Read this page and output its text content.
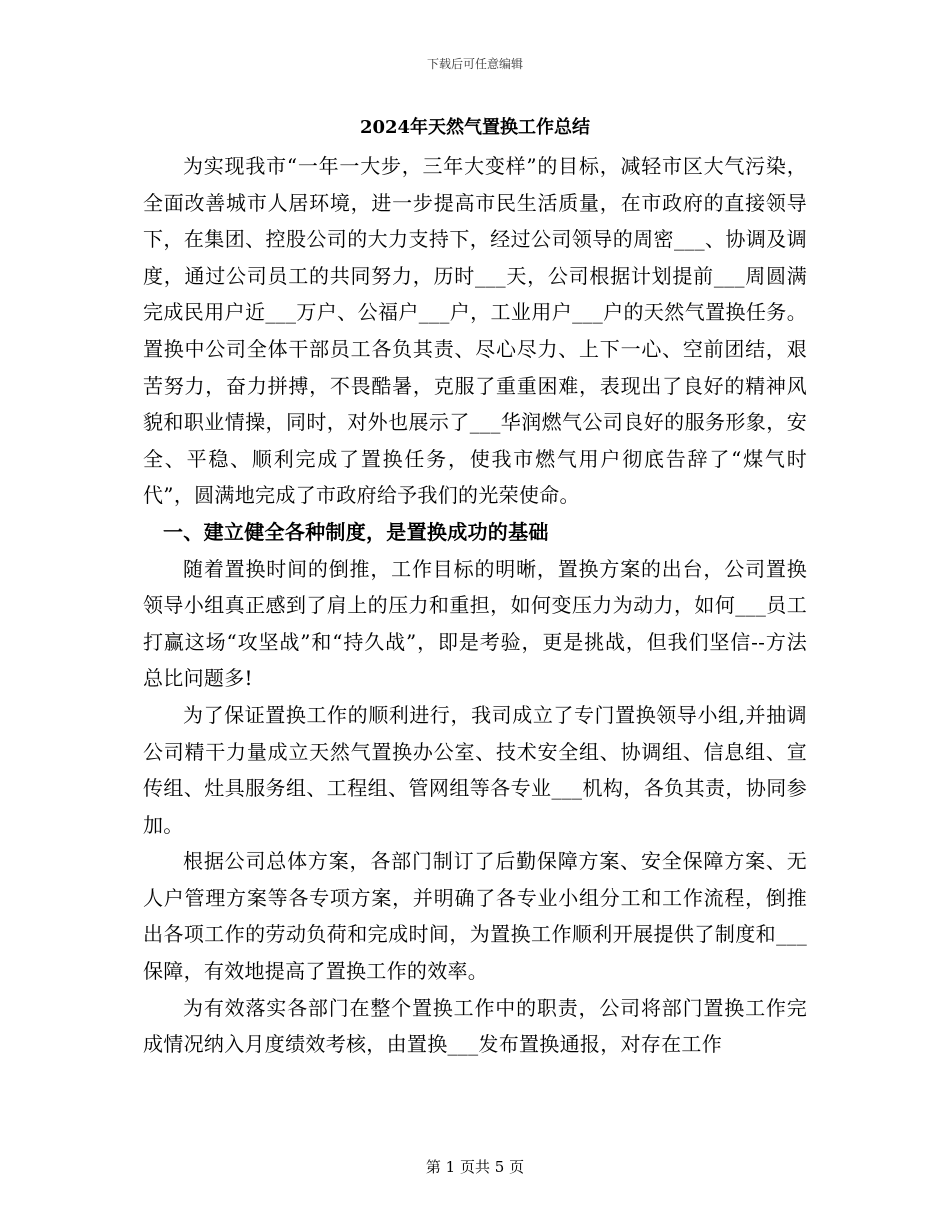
下载后可任意编辑
2024年天然气置换工作总结

为实现我市“一年一大步，三年大变样”的目标，减轻市区大气污染，全面改善城市人居环境，进一步提高市民生活质量，在市政府的直接领导下，在集团、控股公司的大力支持下，经过公司领导的周密___、协调及调度，通过公司员工的共同努力，历时___天，公司根据计划提前___周圆满完成民用户近___万户、公福户___户，工业用户___户的天然气置换任务。置换中公司全体干部员工各负其责、尽心尽力、上下一心、空前团结，艰苦努力，奋力拼搏，不畏酷暑，克服了重重困难，表现出了良好的精神风貌和职业情操，同时，对外也展示了___华润燃气公司良好的服务形象，安全、平稳、顺利完成了置换任务，使我市燃气用户彻底告辞了“煤气时代”，圆满地完成了市政府给予我们的光荣使命。

一、建立健全各种制度，是置换成功的基础

随着置换时间的倒推，工作目标的明晰，置换方案的出台，公司置换领导小组真正感到了肩上的压力和重担，如何变压力为动力，如何___员工打赢这场“攻坚战”和“持久战”，即是考验，更是挑战，但我们坚信--方法总比问题多!

为了保证置换工作的顺利进行，我司成立了专门置换领导小组,并抽调公司精干力量成立天然气置换办公室、技术安全组、协调组、信息组、宣传组、灶具服务组、工程组、管网组等各专业___机构，各负其责，协同参加。

根据公司总体方案，各部门制订了后勤保障方案、安全保障方案、无人户管理方案等各专项方案，并明确了各专业小组分工和工作流程，倒推出各项工作的劳动负荷和完成时间，为置换工作顺利开展提供了制度和___保障，有效地提高了置换工作的效率。

为有效落实各部门在整个置换工作中的职责，公司将部门置换工作完成情况纳入月度绩效考核，由置换___发布置换通报，对存在工作

第 1 页共 5 页
